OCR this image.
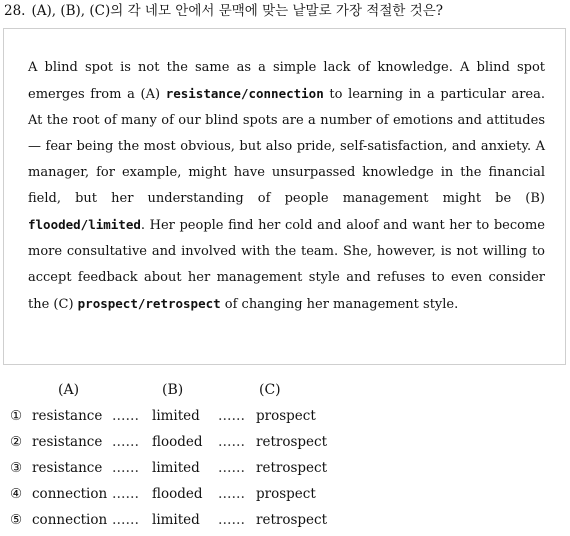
28. (A), (B), (C)의 각 네모 안에서 문맥에 맞는 낱말로 가장 적절한 것은?

A blind spot is not the same as a simple lack of knowledge. A blind spot emerges from a (A) resistance/connection to learning in a particular area. At the root of many of our blind spots are a number of emotions and attitudes — fear being the most obvious, but also pride, self-satisfaction, and anxiety. A manager, for example, might have unsurpassed knowledge in the financial field, but her understanding of people management might be (B) flooded/limited. Her people find her cold and aloof and want her to become more consultative and involved with the team. She, however, is not willing to accept feedback about her management style and refuses to even consider the (C) prospect/retrospect of changing her management style.

(A)	(B)	(C)
① resistance …… limited …… prospect
② resistance …… flooded …… retrospect
③ resistance …… limited …… retrospect
④ connection …… flooded …… prospect
⑤ connection …… limited …… retrospect
